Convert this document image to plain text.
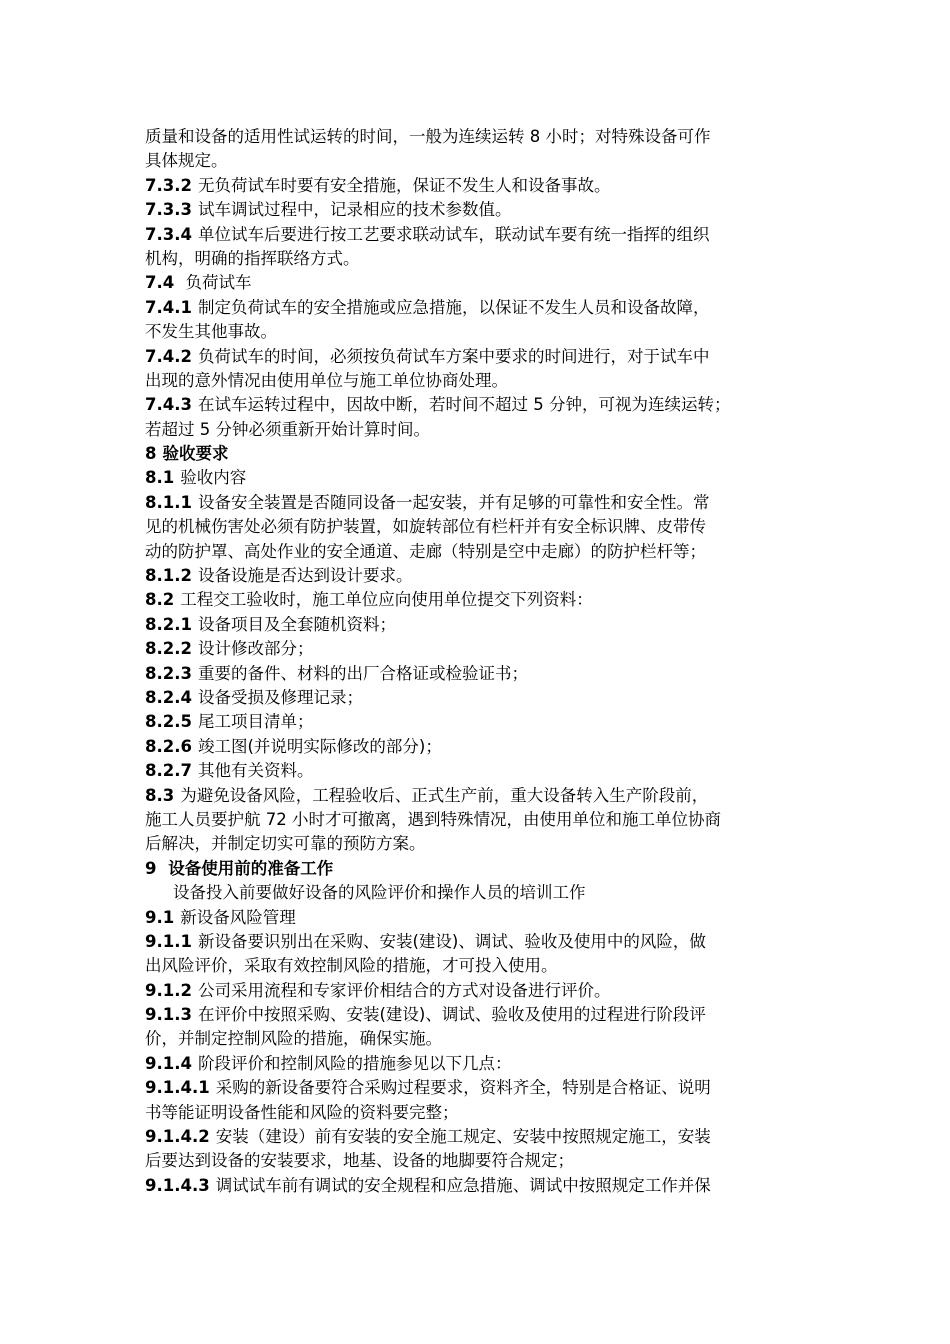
质量和设备的适用性试运转的时间，一般为连续运转 8 小时；对特殊设备可作
具体规定。
7.3.2 无负荷试车时要有安全措施，保证不发生人和设备事故。
7.3.3 试车调试过程中，记录相应的技术参数值。
7.3.4 单位试车后要进行按工艺要求联动试车，联动试车要有统一指挥的组织
机构，明确的指挥联络方式。
7.4 负荷试车
7.4.1 制定负荷试车的安全措施或应急措施，以保证不发生人员和设备故障，
不发生其他事故。
7.4.2 负荷试车的时间，必须按负荷试车方案中要求的时间进行，对于试车中
出现的意外情况由使用单位与施工单位协商处理。
7.4.3 在试车运转过程中，因故中断，若时间不超过 5 分钟，可视为连续运转；
若超过 5 分钟必须重新开始计算时间。
8 验收要求
8.1 验收内容
8.1.1 设备安全装置是否随同设备一起安装，并有足够的可靠性和安全性。常
见的机械伤害处必须有防护装置，如旋转部位有栏杆并有安全标识牌、皮带传
动的防护罩、高处作业的安全通道、走廊（特别是空中走廊）的防护栏杆等；
8.1.2 设备设施是否达到设计要求。
8.2 工程交工验收时，施工单位应向使用单位提交下列资料：
8.2.1 设备项目及全套随机资料；
8.2.2 设计修改部分；
8.2.3 重要的备件、材料的出厂合格证或检验证书；
8.2.4 设备受损及修理记录；
8.2.5 尾工项目清单；
8.2.6 竣工图(并说明实际修改的部分)；
8.2.7 其他有关资料。
8.3 为避免设备风险，工程验收后、正式生产前，重大设备转入生产阶段前，
施工人员要护航 72 小时才可撤离，遇到特殊情况，由使用单位和施工单位协商
后解决，并制定切实可靠的预防方案。
9 设备使用前的准备工作
设备投入前要做好设备的风险评价和操作人员的培训工作
9.1 新设备风险管理
9.1.1 新设备要识别出在采购、安装(建设)、调试、验收及使用中的风险，做
出风险评价，采取有效控制风险的措施，才可投入使用。
9.1.2 公司采用流程和专家评价相结合的方式对设备进行评价。
9.1.3 在评价中按照采购、安装(建设)、调试、验收及使用的过程进行阶段评
价，并制定控制风险的措施，确保实施。
9.1.4 阶段评价和控制风险的措施参见以下几点：
9.1.4.1 采购的新设备要符合采购过程要求，资料齐全，特别是合格证、说明
书等能证明设备性能和风险的资料要完整；
9.1.4.2 安装（建设）前有安装的安全施工规定、安装中按照规定施工，安装
后要达到设备的安装要求，地基、设备的地脚要符合规定；
9.1.4.3 调试试车前有调试的安全规程和应急措施、调试中按照规定工作并保
